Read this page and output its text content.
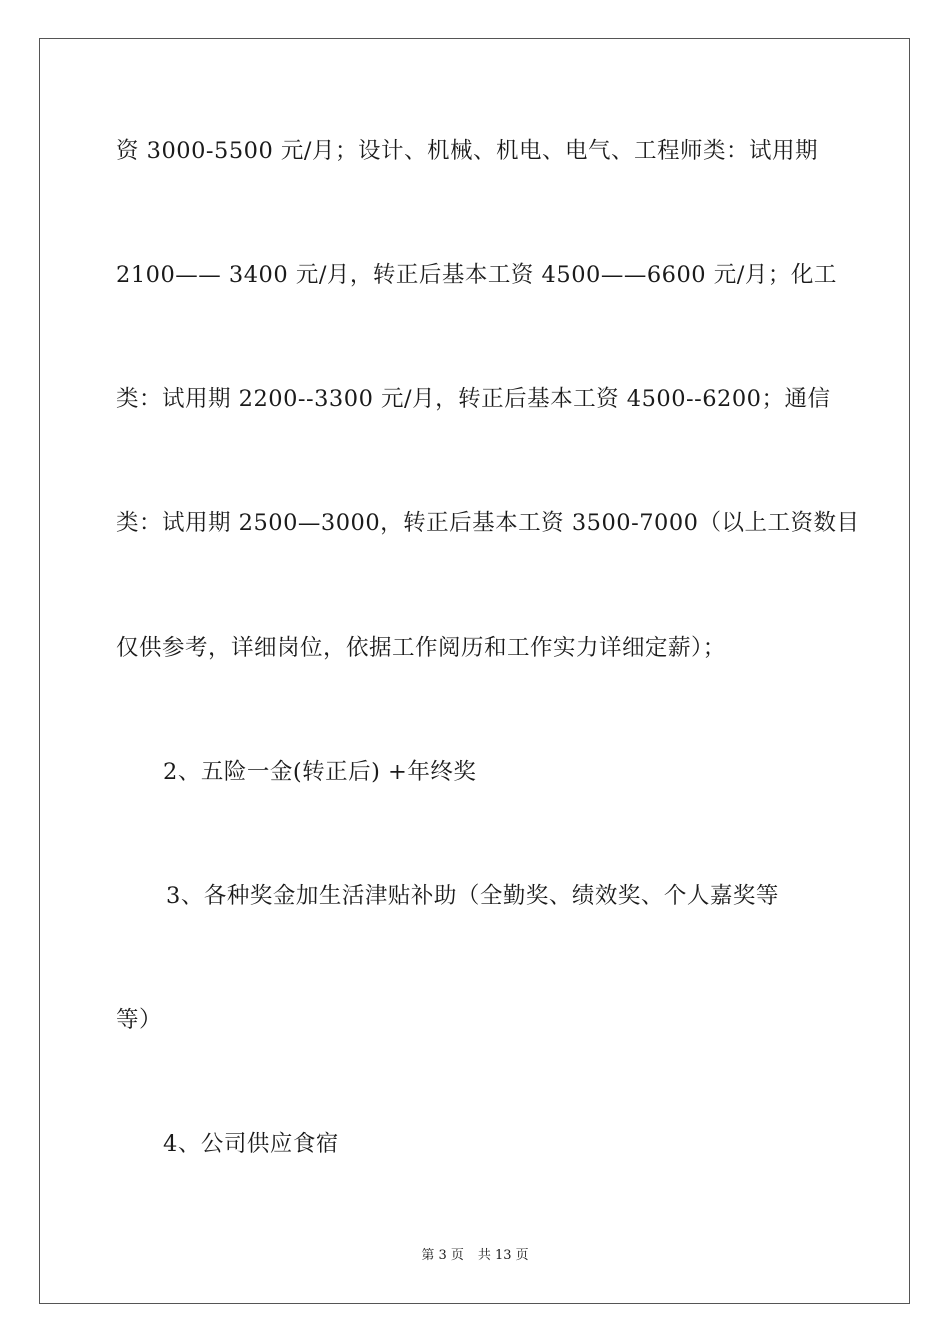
资 3000-5500 元/月；设计、机械、机电、电气、工程师类：试用期
2100—— 3400 元/月，转正后基本工资 4500——6600 元/月；化工
类：试用期 2200--3300 元/月，转正后基本工资 4500--6200；通信
类：试用期 2500—3000，转正后基本工资 3500-7000（以上工资数目
仅供参考，详细岗位，依据工作阅历和工作实力详细定薪）；
2、五险一金(转正后) +年终奖
3、各种奖金加生活津贴补助（全勤奖、绩效奖、个人嘉奖等
等）
4、公司供应食宿
第 3 页 共 13 页
